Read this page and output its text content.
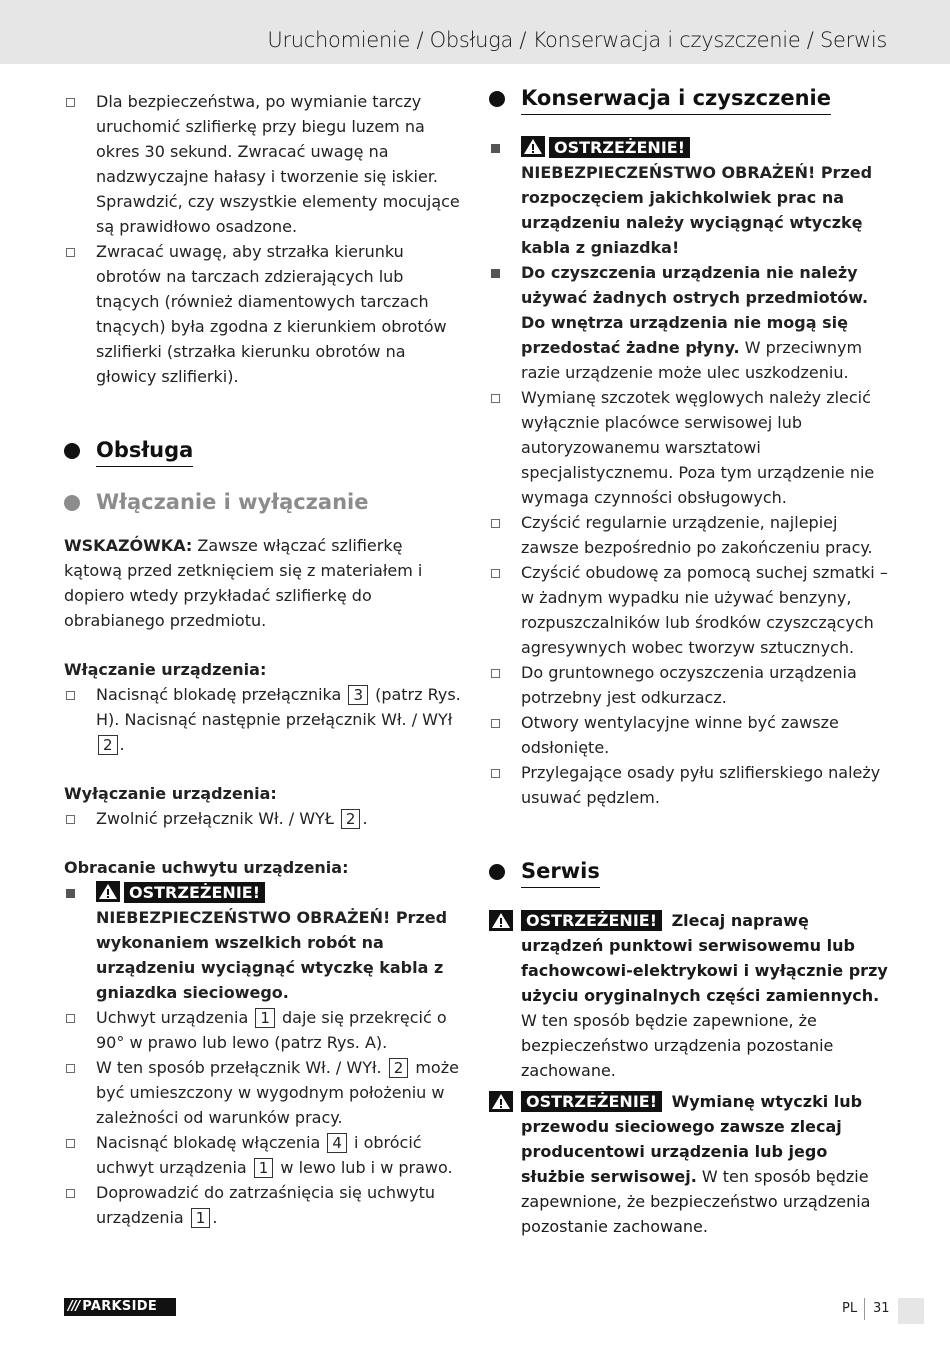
Uruchomienie / Obsługa / Konserwacja i czyszczenie / Serwis
Dla bezpieczeństwa, po wymianie tarczy uruchomić szlifierkę przy biegu luzem na okres 30 sekund. Zwracać uwagę na nadzwyczajne hałasy i tworzenie się iskier. Sprawdzić, czy wszystkie elementy mocujące są prawidłowo osadzone.
Zwracać uwagę, aby strzałka kierunku obrotów na tarczach zdzierających lub tnących (również diamentowych tarczach tnących) była zgodna z kierunkiem obrotów szlifierki (strzałka kierunku obrotów na głowicy szlifierki).
Obsługa
Włączanie i wyłączanie
WSKAZÓWKA: Zawsze włączać szlifierkę kątową przed zetknięciem się z materiałem i dopiero wtedy przykładać szlifierkę do obrabianego przedmiotu.
Włączanie urządzenia:
Nacisnąć blokadę przełącznika 3 (patrz Rys. H). Nacisnąć następnie przełącznik Wł. / WYł 2 .
Wyłączanie urządzenia:
Zwolnić przełącznik Wł. / WYŁ 2 .
Obracanie uchwytu urządzenia:
OSTRZEŻENIE! NIEBEZPIECZEŃSTWO OBRAŻEŃ! Przed wykonaniem wszelkich robót na urządzeniu wyciągnąć wtyczkę kabla z gniazdka sieciowego.
Uchwyt urządzenia 1 daje się przekręcić o 90° w prawo lub lewo (patrz Rys. A).
W ten sposób przełącznik Wł. / WYł. 2 może być umieszczony w wygodnym położeniu w zależności od warunków pracy.
Nacisnąć blokadę włączenia 4 i obrócić uchwyt urządzenia 1 w lewo lub i w prawo.
Doprowadzić do zatrzaśnięcia się uchwytu urządzenia 1 .
Konserwacja i czyszczenie
OSTRZEŻENIE! NIEBEZPIECZEŃSTWO OBRAŻEŃ! Przed rozpoczęciem jakichkolwiek prac na urządzeniu należy wyciągnąć wtyczkę kabla z gniazdka!
Do czyszczenia urządzenia nie należy używać żadnych ostrych przedmiotów. Do wnętrza urządzenia nie mogą się przedostać żadne płyny. W przeciwnym razie urządzenie może ulec uszkodzeniu.
Wymianę szczotek węglowych należy zlecić wyłącznie placówce serwisowej lub autoryzowanemu warsztatowi specjalistycznemu. Poza tym urządzenie nie wymaga czynności obsługowych.
Czyścić regularnie urządzenie, najlepiej zawsze bezpośrednio po zakończeniu pracy.
Czyścić obudowę za pomocą suchej szmatki – w żadnym wypadku nie używać benzyny, rozpuszczalników lub środków czyszczących agresywnych wobec tworzyw sztucznych.
Do gruntownego oczyszczenia urządzenia potrzebny jest odkurzacz.
Otwory wentylacyjne winne być zawsze odsłonięte.
Przylegające osady pyłu szlifierskiego należy usuwać pędzlem.
Serwis
OSTRZEŻENIE! Zlecaj naprawę urządzeń punktowi serwisowemu lub fachowcowi-elektrykowi i wyłącznie przy użyciu oryginalnych części zamiennych. W ten sposób będzie zapewnione, że bezpieczeństwo urządzenia pozostanie zachowane.
OSTRZEŻENIE! Wymianę wtyczki lub przewodu sieciowego zawsze zlecaj producentowi urządzenia lub jego służbie serwisowej. W ten sposób będzie zapewnione, że bezpieczeństwo urządzenia pozostanie zachowane.
/// PARKSIDE	PL 31
